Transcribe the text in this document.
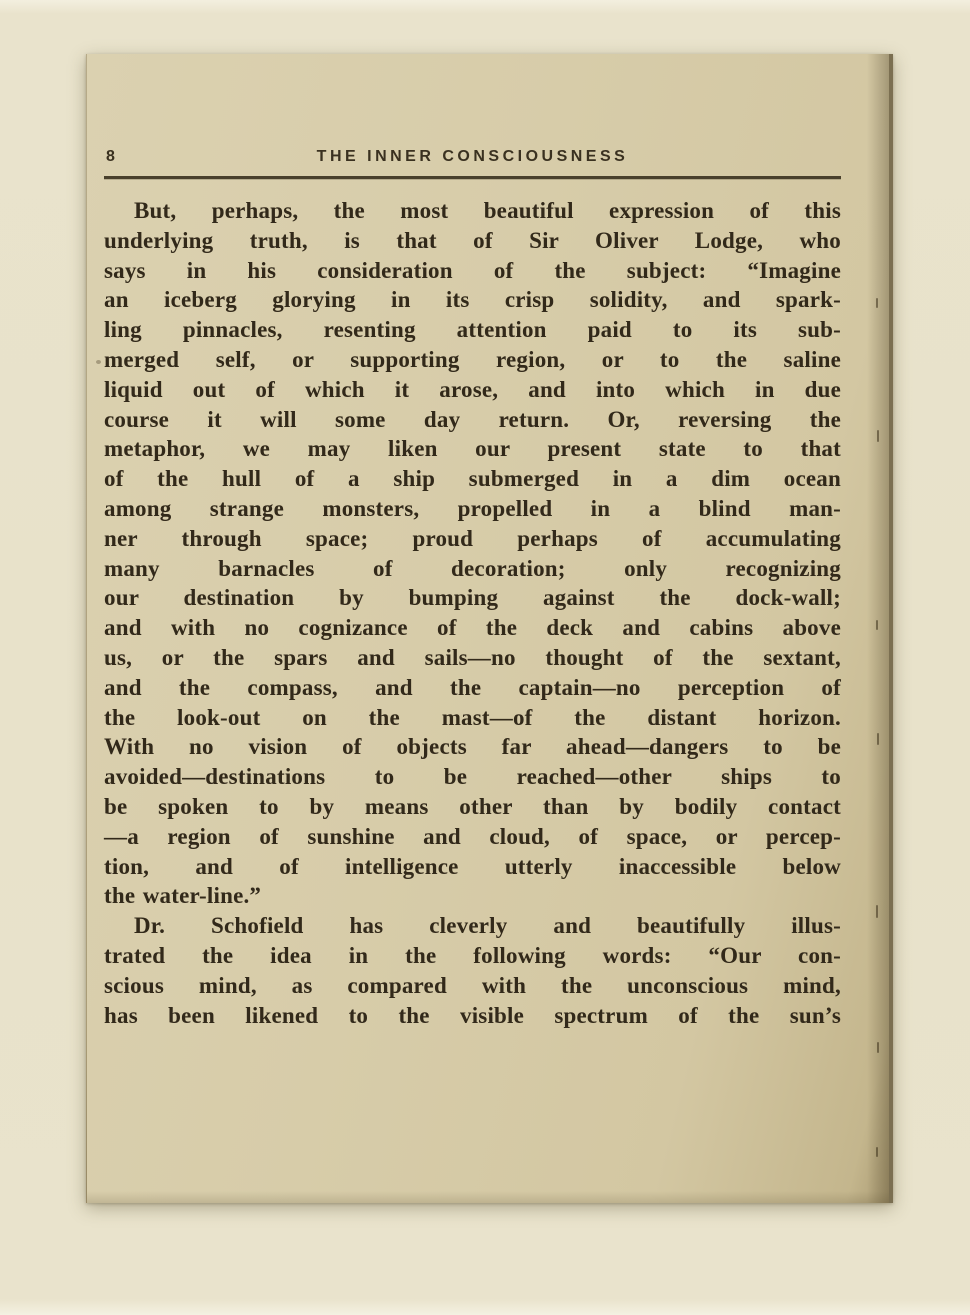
8	THE INNER CONSCIOUSNESS
But, perhaps, the most beautiful expression of this
underlying truth, is that of Sir Oliver Lodge, who
says in his consideration of the subject: “Imagine
an iceberg glorying in its crisp solidity, and spark-
ling pinnacles, resenting attention paid to its sub-
merged self, or supporting region, or to the saline
liquid out of which it arose, and into which in due
course it will some day return. Or, reversing the
metaphor, we may liken our present state to that
of the hull of a ship submerged in a dim ocean
among strange monsters, propelled in a blind man-
ner through space; proud perhaps of accumulating
many barnacles of decoration; only recognizing
our destination by bumping against the dock-wall;
and with no cognizance of the deck and cabins above
us, or the spars and sails—no thought of the sextant,
and the compass, and the captain—no perception of
the look-out on the mast—of the distant horizon.
With no vision of objects far ahead—dangers to be
avoided—destinations to be reached—other ships to
be spoken to by means other than by bodily contact
—a region of sunshine and cloud, of space, or percep-
tion, and of intelligence utterly inaccessible below
the water-line.”
Dr. Schofield has cleverly and beautifully illus-
trated the idea in the following words: “Our con-
scious mind, as compared with the unconscious mind,
has been likened to the visible spectrum of the sun’s
